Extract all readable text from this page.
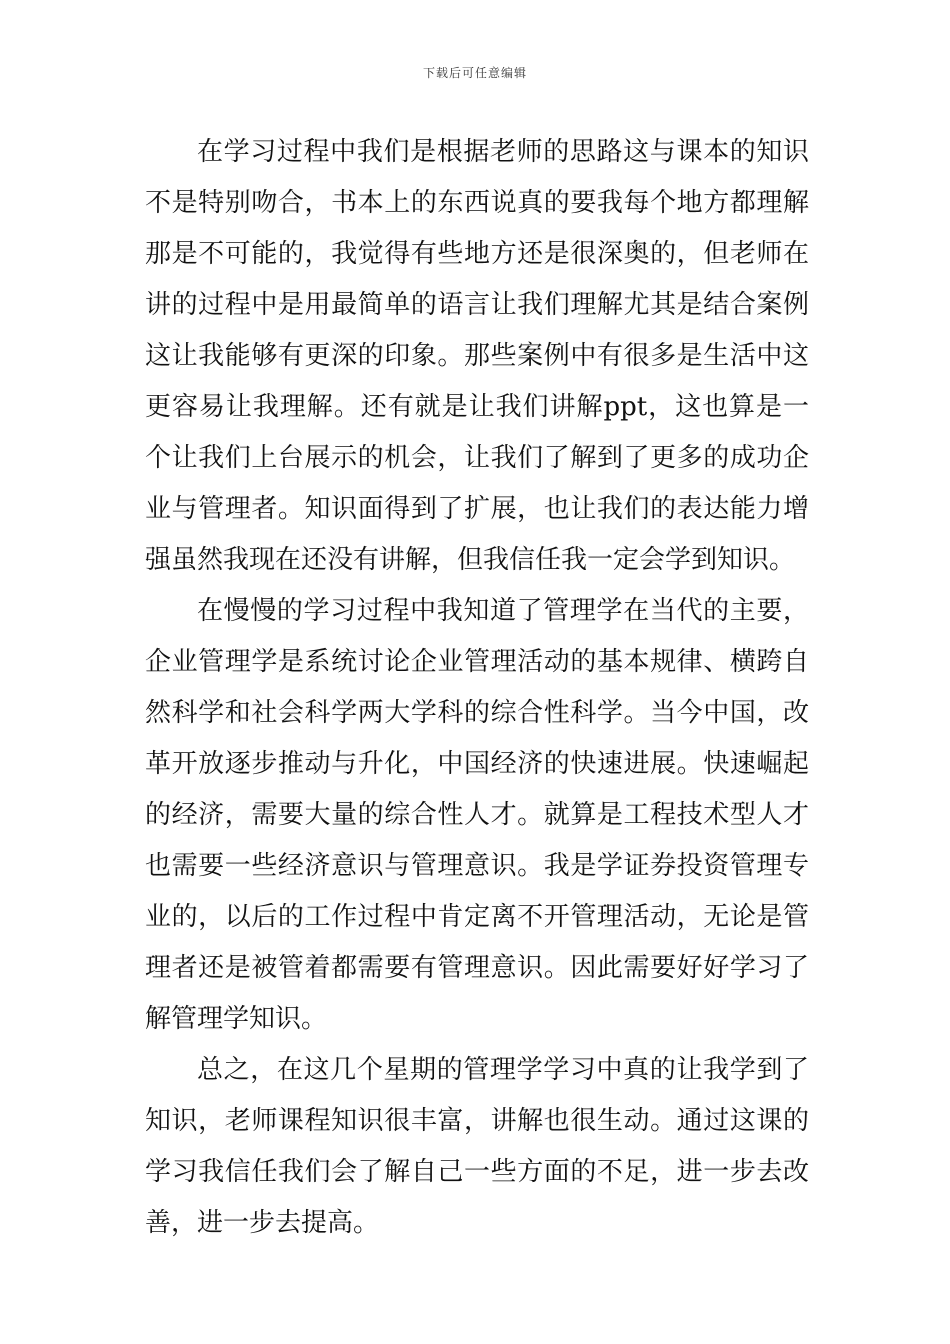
下载后可任意编辑

在学习过程中我们是根据老师的思路这与课本的知识不是特别吻合，书本上的东西说真的要我每个地方都理解那是不可能的，我觉得有些地方还是很深奥的，但老师在讲的过程中是用最简单的语言让我们理解尤其是结合案例这让我能够有更深的印象。那些案例中有很多是生活中这更容易让我理解。还有就是让我们讲解ppt，这也算是一个让我们上台展示的机会，让我们了解到了更多的成功企业与管理者。知识面得到了扩展，也让我们的表达能力增强虽然我现在还没有讲解，但我信任我一定会学到知识。

在慢慢的学习过程中我知道了管理学在当代的主要，企业管理学是系统讨论企业管理活动的基本规律、横跨自然科学和社会科学两大学科的综合性科学。当今中国，改革开放逐步推动与升化，中国经济的快速进展。快速崛起的经济，需要大量的综合性人才。就算是工程技术型人才也需要一些经济意识与管理意识。我是学证券投资管理专业的，以后的工作过程中肯定离不开管理活动，无论是管理者还是被管着都需要有管理意识。因此需要好好学习了解管理学知识。

总之，在这几个星期的管理学学习中真的让我学到了知识，老师课程知识很丰富，讲解也很生动。通过这课的学习我信任我们会了解自己一些方面的不足，进一步去改善，进一步去提高。
